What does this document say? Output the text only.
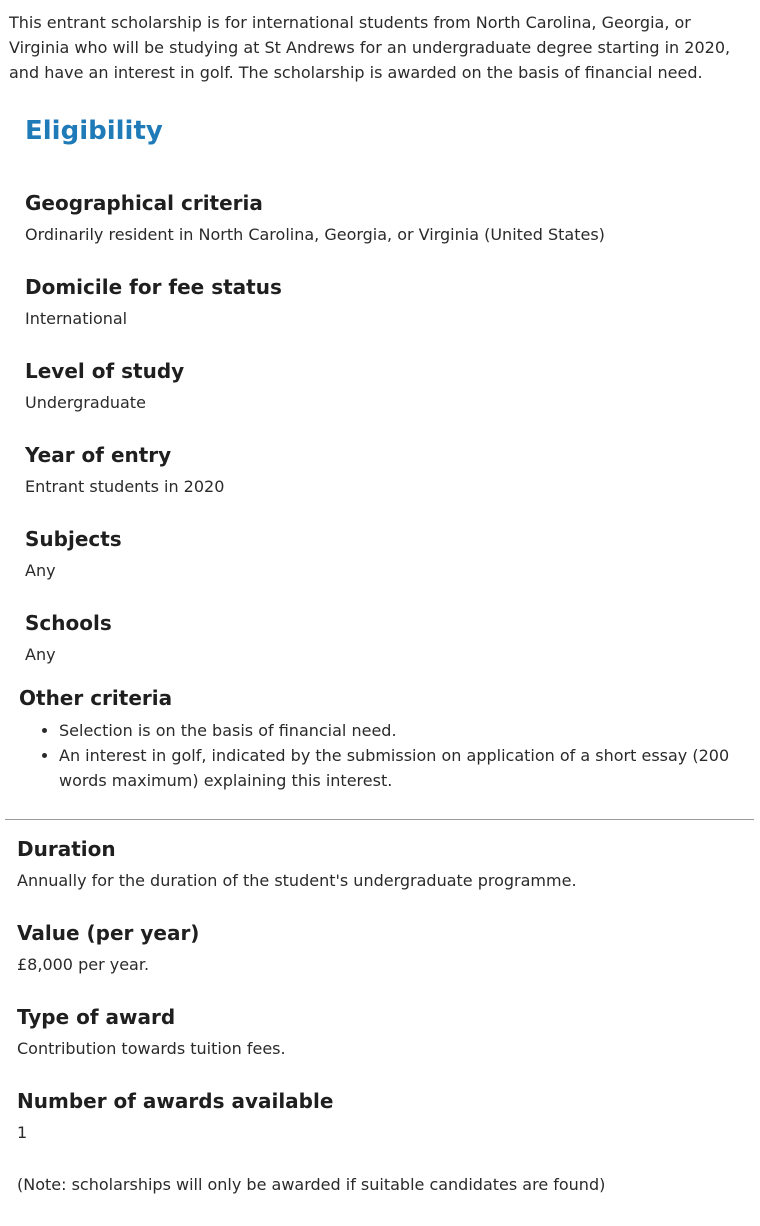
This entrant scholarship is for international students from North Carolina, Georgia, or Virginia who will be studying at St Andrews for an undergraduate degree starting in 2020, and have an interest in golf. The scholarship is awarded on the basis of financial need.

Eligibility
Geographical criteria

Ordinarily resident in North Carolina, Georgia, or Virginia (United States)

Domicile for fee status

International

Level of study

Undergraduate

Year of entry

Entrant students in 2020

Subjects

Any

Schools

Any

Other criteria
• Selection is on the basis of financial need.
• An interest in golf, indicated by the submission on application of a short essay (200 words maximum) explaining this interest.
Duration

Annually for the duration of the student's undergraduate programme.

Value (per year)

£8,000 per year.

Type of award

Contribution towards tuition fees.

Number of awards available

1

(Note: scholarships will only be awarded if suitable candidates are found)
